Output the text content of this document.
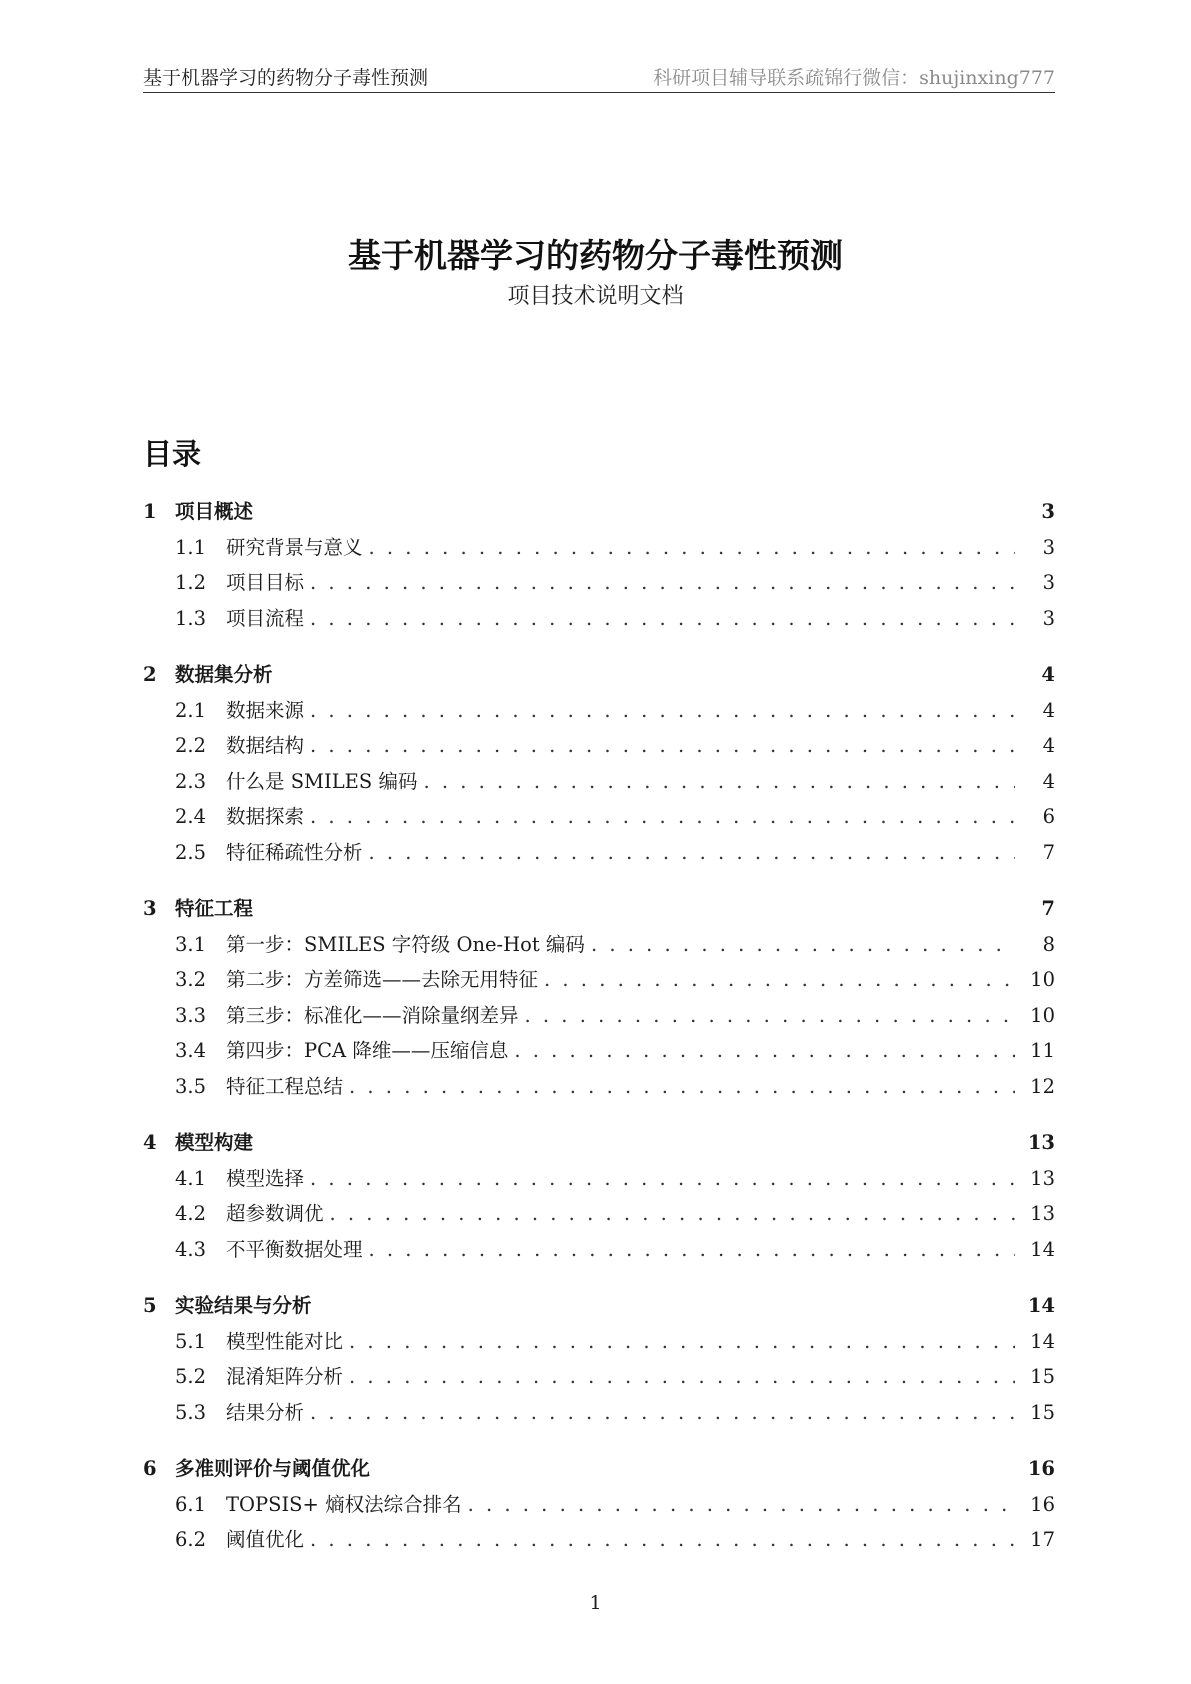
基于机器学习的药物分子毒性预测	科研项目辅导联系疏锦行微信：shujinxing777
基于机器学习的药物分子毒性预测
项目技术说明文档
目录
1 项目概述	3
1.1	研究背景与意义 . . .	3
1.2	项目目标 . . .	3
1.3	项目流程 . . .	3
2 数据集分析	4
2.1	数据来源 . . .	4
2.2	数据结构 . . .	4
2.3	什么是 SMILES 编码 . . .	4
2.4	数据探索 . . .	6
2.5	特征稀疏性分析 . . .	7
3 特征工程	7
3.1	第一步：SMILES 字符级 One-Hot 编码 . . .	8
3.2	第二步：方差筛选——去除无用特征 . . .	10
3.3	第三步：标准化——消除量纲差异 . . .	10
3.4	第四步：PCA 降维——压缩信息 . . .	11
3.5	特征工程总结 . . .	12
4 模型构建	13
4.1	模型选择 . . .	13
4.2	超参数调优 . . .	13
4.3	不平衡数据处理 . . .	14
5 实验结果与分析	14
5.1	模型性能对比 . . .	14
5.2	混淆矩阵分析 . . .	15
5.3	结果分析 . . .	15
6 多准则评价与阈值优化	16
6.1	TOPSIS+ 熵权法综合排名 . . .	16
6.2	阈值优化 . . .	17
1
